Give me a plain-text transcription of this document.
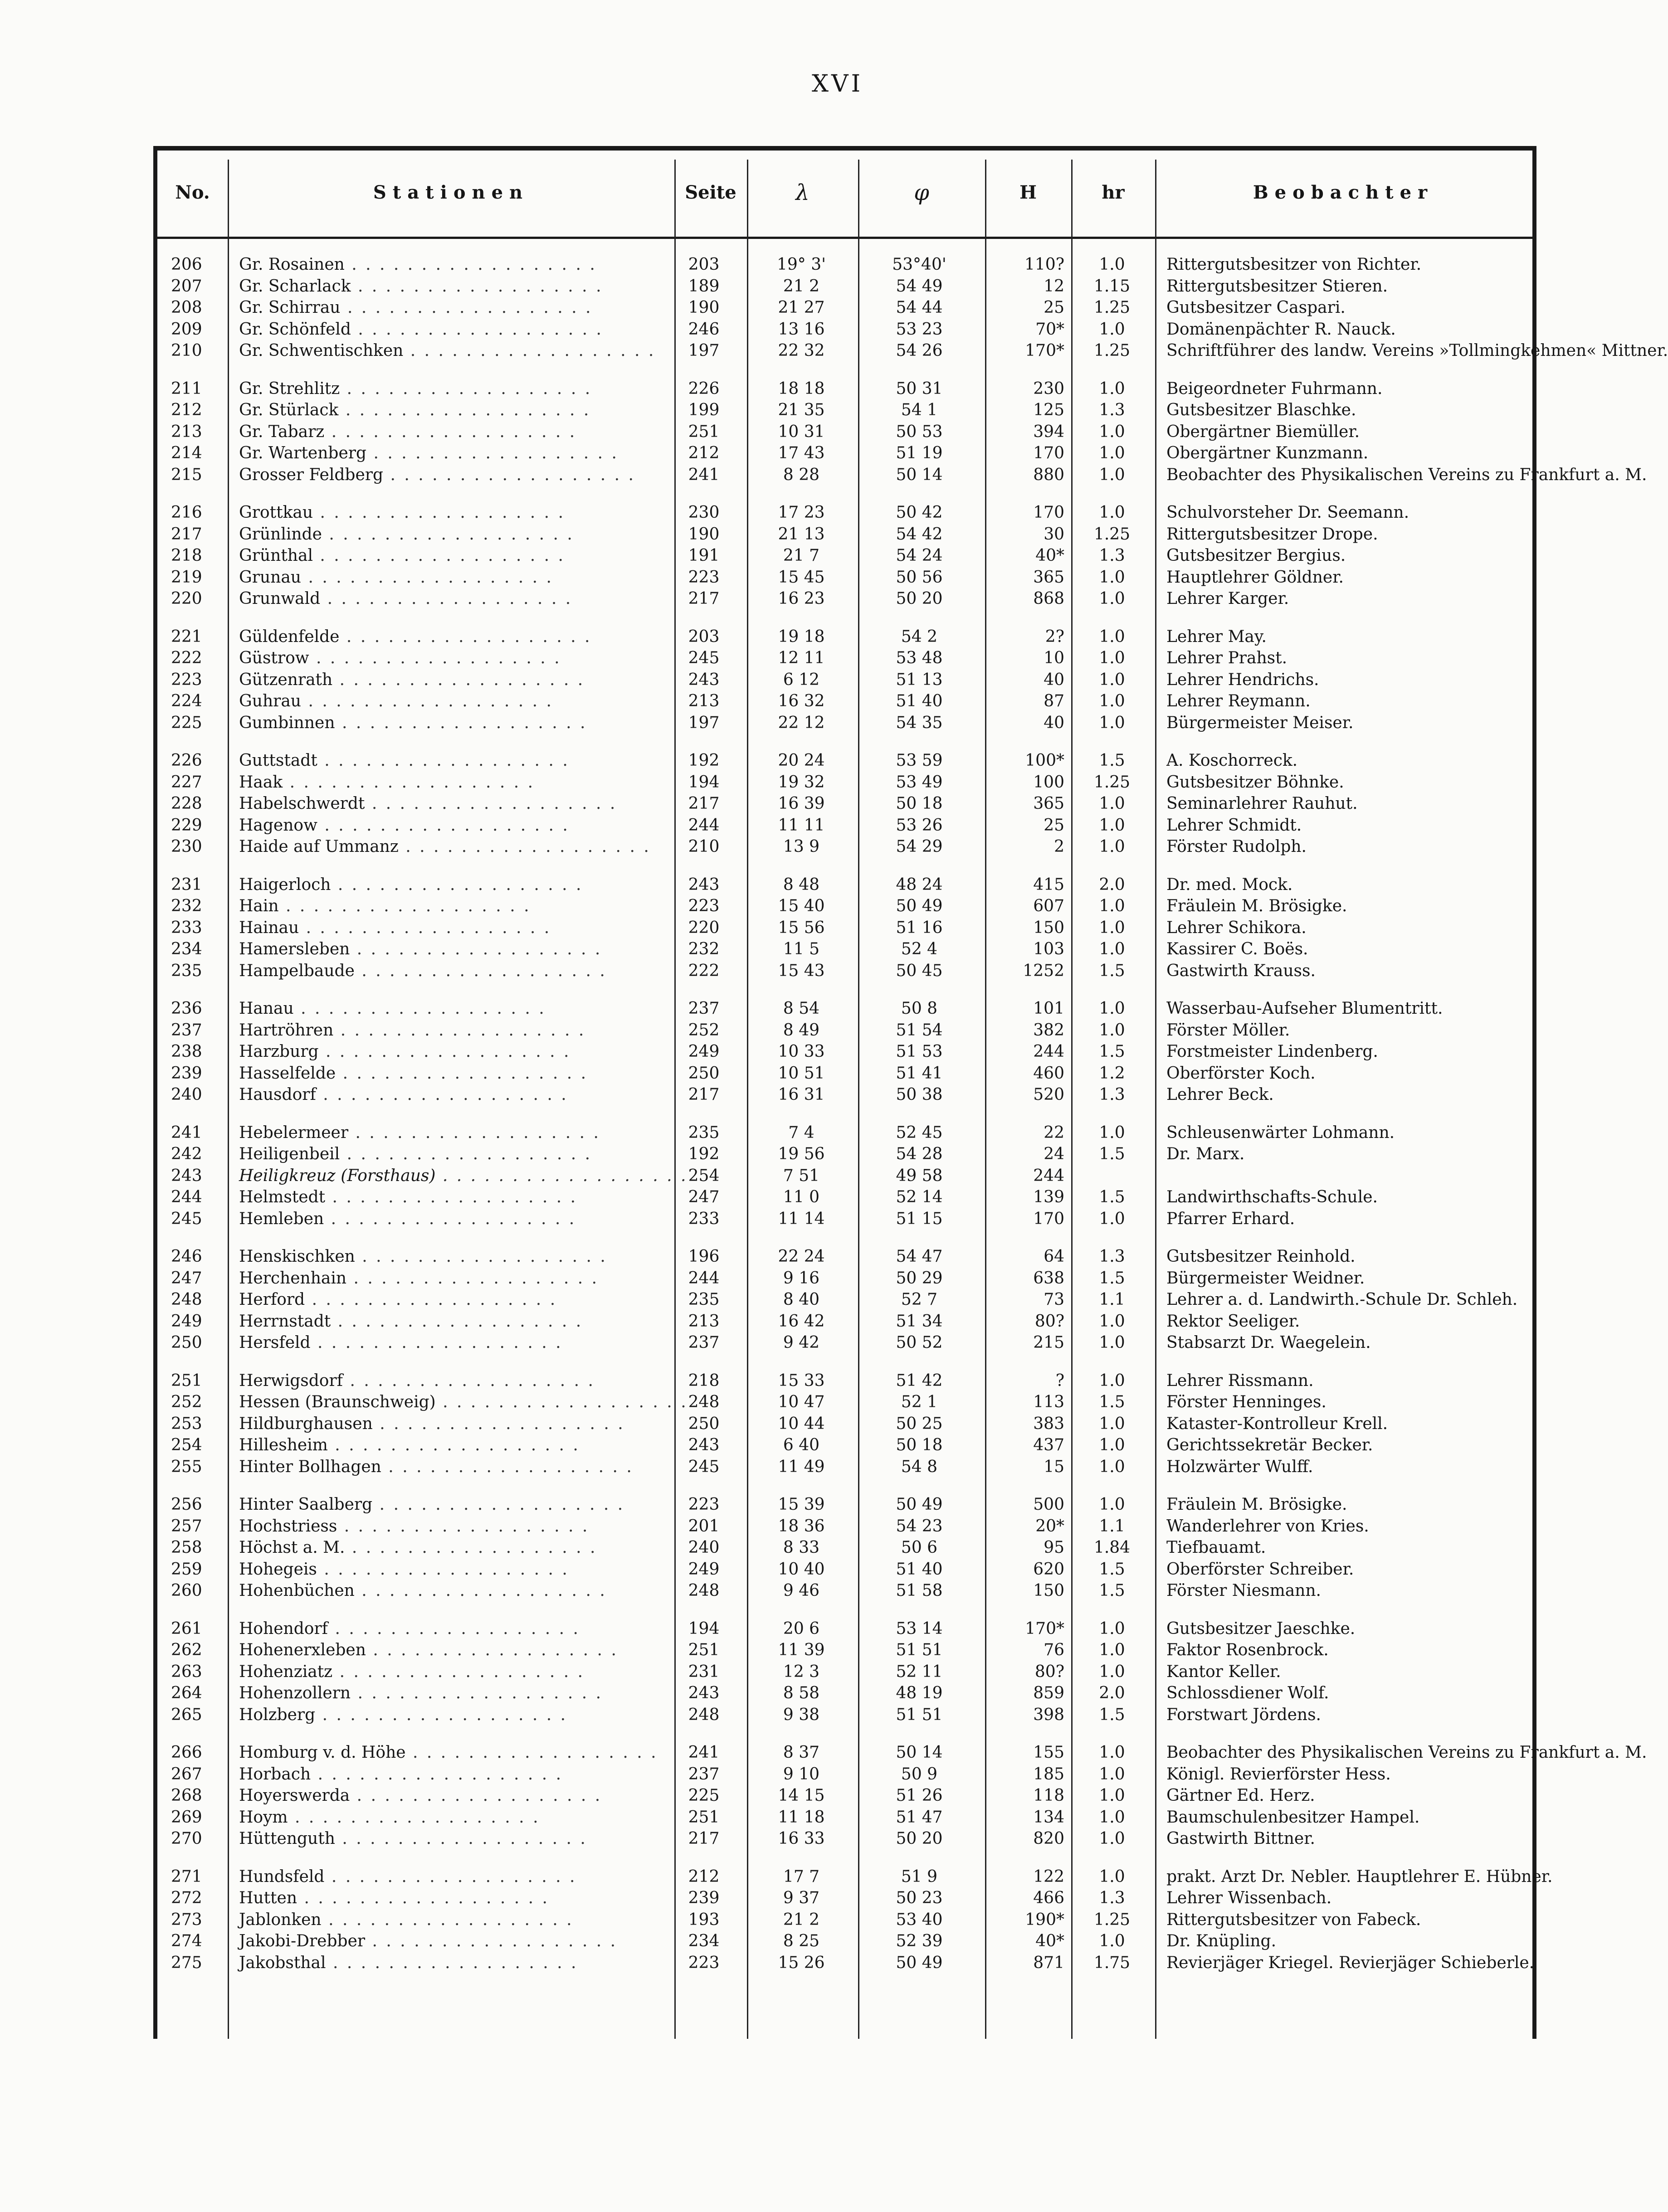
XVI
No.	Stationen	Seite	λ	φ	H	hr	Beobachter
206	Gr. Rosainen . . . . . . . . . . . . . . . . . .	203	19° 3'	53°40'	110?	1.0	Rittergutsbesitzer von Richter.
207	Gr. Scharlack . . . . . . . . . . . . . . . . . .	189	21 2	54 49	12	1.15	Rittergutsbesitzer Stieren.
208	Gr. Schirrau . . . . . . . . . . . . . . . . . .	190	21 27	54 44	25	1.25	Gutsbesitzer Caspari.
209	Gr. Schönfeld . . . . . . . . . . . . . . . . . .	246	13 16	53 23	70*	1.0	Domänenpächter R. Nauck.
210	Gr. Schwentischken . . . . . . . . . . . . . . . . . .	197	22 32	54 26	170*	1.25	Schriftführer des landw. Vereins »Tollmingkehmen« Mittner.
211	Gr. Strehlitz . . . . . . . . . . . . . . . . . .	226	18 18	50 31	230	1.0	Beigeordneter Fuhrmann.
212	Gr. Stürlack . . . . . . . . . . . . . . . . . .	199	21 35	54 1	125	1.3	Gutsbesitzer Blaschke.
213	Gr. Tabarz . . . . . . . . . . . . . . . . . .	251	10 31	50 53	394	1.0	Obergärtner Biemüller.
214	Gr. Wartenberg . . . . . . . . . . . . . . . . . .	212	17 43	51 19	170	1.0	Obergärtner Kunzmann.
215	Grosser Feldberg . . . . . . . . . . . . . . . . . .	241	8 28	50 14	880	1.0	Beobachter des Physikalischen Vereins zu Frankfurt a. M.
216	Grottkau . . . . . . . . . . . . . . . . . .	230	17 23	50 42	170	1.0	Schulvorsteher Dr. Seemann.
217	Grünlinde . . . . . . . . . . . . . . . . . .	190	21 13	54 42	30	1.25	Rittergutsbesitzer Drope.
218	Grünthal . . . . . . . . . . . . . . . . . .	191	21 7	54 24	40*	1.3	Gutsbesitzer Bergius.
219	Grunau . . . . . . . . . . . . . . . . . .	223	15 45	50 56	365	1.0	Hauptlehrer Göldner.
220	Grunwald . . . . . . . . . . . . . . . . . .	217	16 23	50 20	868	1.0	Lehrer Karger.
221	Güldenfelde . . . . . . . . . . . . . . . . . .	203	19 18	54 2	2?	1.0	Lehrer May.
222	Güstrow . . . . . . . . . . . . . . . . . .	245	12 11	53 48	10	1.0	Lehrer Prahst.
223	Gützenrath . . . . . . . . . . . . . . . . . .	243	6 12	51 13	40	1.0	Lehrer Hendrichs.
224	Guhrau . . . . . . . . . . . . . . . . . .	213	16 32	51 40	87	1.0	Lehrer Reymann.
225	Gumbinnen . . . . . . . . . . . . . . . . . .	197	22 12	54 35	40	1.0	Bürgermeister Meiser.
226	Guttstadt . . . . . . . . . . . . . . . . . .	192	20 24	53 59	100*	1.5	A. Koschorreck.
227	Haak . . . . . . . . . . . . . . . . . .	194	19 32	53 49	100	1.25	Gutsbesitzer Böhnke.
228	Habelschwerdt . . . . . . . . . . . . . . . . . .	217	16 39	50 18	365	1.0	Seminarlehrer Rauhut.
229	Hagenow . . . . . . . . . . . . . . . . . .	244	11 11	53 26	25	1.0	Lehrer Schmidt.
230	Haide auf Ummanz . . . . . . . . . . . . . . . . . .	210	13 9	54 29	2	1.0	Förster Rudolph.
231	Haigerloch . . . . . . . . . . . . . . . . . .	243	8 48	48 24	415	2.0	Dr. med. Mock.
232	Hain . . . . . . . . . . . . . . . . . .	223	15 40	50 49	607	1.0	Fräulein M. Brösigke.
233	Hainau . . . . . . . . . . . . . . . . . .	220	15 56	51 16	150	1.0	Lehrer Schikora.
234	Hamersleben . . . . . . . . . . . . . . . . . .	232	11 5	52 4	103	1.0	Kassirer C. Boës.
235	Hampelbaude . . . . . . . . . . . . . . . . . .	222	15 43	50 45	1252	1.5	Gastwirth Krauss.
236	Hanau . . . . . . . . . . . . . . . . . .	237	8 54	50 8	101	1.0	Wasserbau-Aufseher Blumentritt.
237	Hartröhren . . . . . . . . . . . . . . . . . .	252	8 49	51 54	382	1.0	Förster Möller.
238	Harzburg . . . . . . . . . . . . . . . . . .	249	10 33	51 53	244	1.5	Forstmeister Lindenberg.
239	Hasselfelde . . . . . . . . . . . . . . . . . .	250	10 51	51 41	460	1.2	Oberförster Koch.
240	Hausdorf . . . . . . . . . . . . . . . . . .	217	16 31	50 38	520	1.3	Lehrer Beck.
241	Hebelermeer . . . . . . . . . . . . . . . . . .	235	7 4	52 45	22	1.0	Schleusenwärter Lohmann.
242	Heiligenbeil . . . . . . . . . . . . . . . . . .	192	19 56	54 28	24	1.5	Dr. Marx.
243	Heiligkreuz (Forsthaus) . . . . . . . . . . . . . . . . . . 254	7 51	49 58	244
244	Helmstedt . . . . . . . . . . . . . . . . . .	247	11 0	52 14	139	1.5	Landwirthschafts-Schule.
245	Hemleben . . . . . . . . . . . . . . . . . .	233	11 14	51 15	170	1.0	Pfarrer Erhard.
246	Henskischken . . . . . . . . . . . . . . . . . .	196	22 24	54 47	64	1.3	Gutsbesitzer Reinhold.
247	Herchenhain . . . . . . . . . . . . . . . . . .	244	9 16	50 29	638	1.5	Bürgermeister Weidner.
248	Herford . . . . . . . . . . . . . . . . . .	235	8 40	52 7	73	1.1	Lehrer a. d. Landwirth.-Schule Dr. Schleh.
249	Herrnstadt . . . . . . . . . . . . . . . . . .	213	16 42	51 34	80?	1.0	Rektor Seeliger.
250	Hersfeld . . . . . . . . . . . . . . . . . .	237	9 42	50 52	215	1.0	Stabsarzt Dr. Waegelein.
251	Herwigsdorf . . . . . . . . . . . . . . . . . .	218	15 33	51 42	?	1.0	Lehrer Rissmann.
252	Hessen (Braunschweig) . . . . . . . . . . . . . . . . . . 248	10 47	52 1	113	1.5	Förster Henninges.
253	Hildburghausen . . . . . . . . . . . . . . . . . .	250	10 44	50 25	383	1.0	Kataster-Kontrolleur Krell.
254	Hillesheim . . . . . . . . . . . . . . . . . .	243	6 40	50 18	437	1.0	Gerichtssekretär Becker.
255	Hinter Bollhagen . . . . . . . . . . . . . . . . . .	245	11 49	54 8	15	1.0	Holzwärter Wulff.
256	Hinter Saalberg . . . . . . . . . . . . . . . . . .	223	15 39	50 49	500	1.0	Fräulein M. Brösigke.
257	Hochstriess . . . . . . . . . . . . . . . . . .	201	18 36	54 23	20*	1.1	Wanderlehrer von Kries.
258	Höchst a. M. . . . . . . . . . . . . . . . . . .	240	8 33	50 6	95	1.84	Tiefbauamt.
259	Hohegeis . . . . . . . . . . . . . . . . . .	249	10 40	51 40	620	1.5	Oberförster Schreiber.
260	Hohenbüchen . . . . . . . . . . . . . . . . . .	248	9 46	51 58	150	1.5	Förster Niesmann.
261	Hohendorf . . . . . . . . . . . . . . . . . .	194	20 6	53 14	170*	1.0	Gutsbesitzer Jaeschke.
262	Hohenerxleben . . . . . . . . . . . . . . . . . .	251	11 39	51 51	76	1.0	Faktor Rosenbrock.
263	Hohenziatz . . . . . . . . . . . . . . . . . .	231	12 3	52 11	80?	1.0	Kantor Keller.
264	Hohenzollern . . . . . . . . . . . . . . . . . .	243	8 58	48 19	859	2.0	Schlossdiener Wolf.
265	Holzberg . . . . . . . . . . . . . . . . . .	248	9 38	51 51	398	1.5	Forstwart Jördens.
266	Homburg v. d. Höhe . . . . . . . . . . . . . . . . . .	241	8 37	50 14	155	1.0	Beobachter des Physikalischen Vereins zu Frankfurt a. M.
267	Horbach . . . . . . . . . . . . . . . . . .	237	9 10	50 9	185	1.0	Königl. Revierförster Hess.
268	Hoyerswerda . . . . . . . . . . . . . . . . . .	225	14 15	51 26	118	1.0	Gärtner Ed. Herz.
269	Hoym . . . . . . . . . . . . . . . . . .	251	11 18	51 47	134	1.0	Baumschulenbesitzer Hampel.
270	Hüttenguth . . . . . . . . . . . . . . . . . .	217	16 33	50 20	820	1.0	Gastwirth Bittner.
271	Hundsfeld . . . . . . . . . . . . . . . . . .	212	17 7	51 9	122	1.0	prakt. Arzt Dr. Nebler. Hauptlehrer E. Hübner.
272	Hutten . . . . . . . . . . . . . . . . . .	239	9 37	50 23	466	1.3	Lehrer Wissenbach.
273	Jablonken . . . . . . . . . . . . . . . . . .	193	21 2	53 40	190*	1.25	Rittergutsbesitzer von Fabeck.
274	Jakobi-Drebber . . . . . . . . . . . . . . . . . .	234	8 25	52 39	40*	1.0	Dr. Knüpling.
275	Jakobsthal . . . . . . . . . . . . . . . . . .	223	15 26	50 49	871	1.75	Revierjäger Kriegel. Revierjäger Schieberle.
